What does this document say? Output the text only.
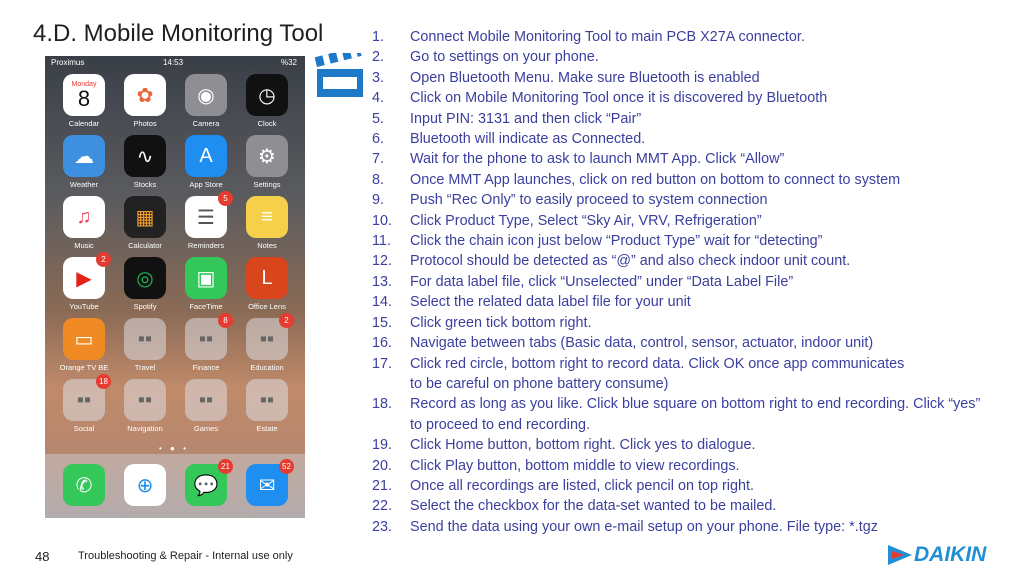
4.D. Mobile Monitoring Tool
Proximus	14:53	%32
Monday
8
Calendar
✿
Photos
◉
Camera
◷
Clock
☁
Weather
∿
Stocks
A
App Store
⚙
Settings
♫
Music
▦
Calculator
☰
5
Reminders
≡
Notes
▶
2
YouTube
◎
Spotify
▣
FaceTime
L
Office Lens
▭
Orange TV BE
▪▪
Travel
▪▪
8
Finance
▪▪
2
Education
▪▪
18
Social
▪▪
Navigation
▪▪
Games
▪▪
Estate
• ● •
✆	⊕	💬
21
✉
52
1. Connect Mobile Monitoring Tool to main PCB X27A connector.
2. Go to settings on your phone.
3. Open Bluetooth Menu. Make sure Bluetooth is enabled
4. Click on Mobile Monitoring Tool once it is discovered by Bluetooth
5. Input PIN: 3131 and then click “Pair”
6. Bluetooth will indicate as Connected.
7. Wait for the phone to ask to launch MMT App. Click “Allow”
8. Once MMT App launches, click on red button on bottom to connect to system
9. Push “Rec Only” to easily proceed to system connection
10. Click Product Type, Select “Sky Air, VRV, Refrigeration”
11. Click the chain icon just below “Product Type” wait for “detecting”
12. Protocol should be detected as “@” and also check indoor unit count.
13. For data label file, click “Unselected” under “Data Label File”
14. Select the related data label file for your unit
15. Click green tick bottom right.
16. Navigate between tabs (Basic data, control, sensor, actuator, indoor unit)
17. Click red circle, bottom right to record data. Click OK once app communicates
to be careful on phone battery consume)
18. Record as long as you like. Click blue square on bottom right to end recording. Click “yes”
to proceed to end recording.
19. Click Home button, bottom right. Click yes to dialogue.
20. Click Play button, bottom middle to view recordings.
21. Once all recordings are listed, click pencil on top right.
22. Select the checkbox for the data-set wanted to be mailed.
23. Send the data using your own e-mail setup on your phone. File type: *.tgz
48	Troubleshooting & Repair - Internal use only	DAIKIN
